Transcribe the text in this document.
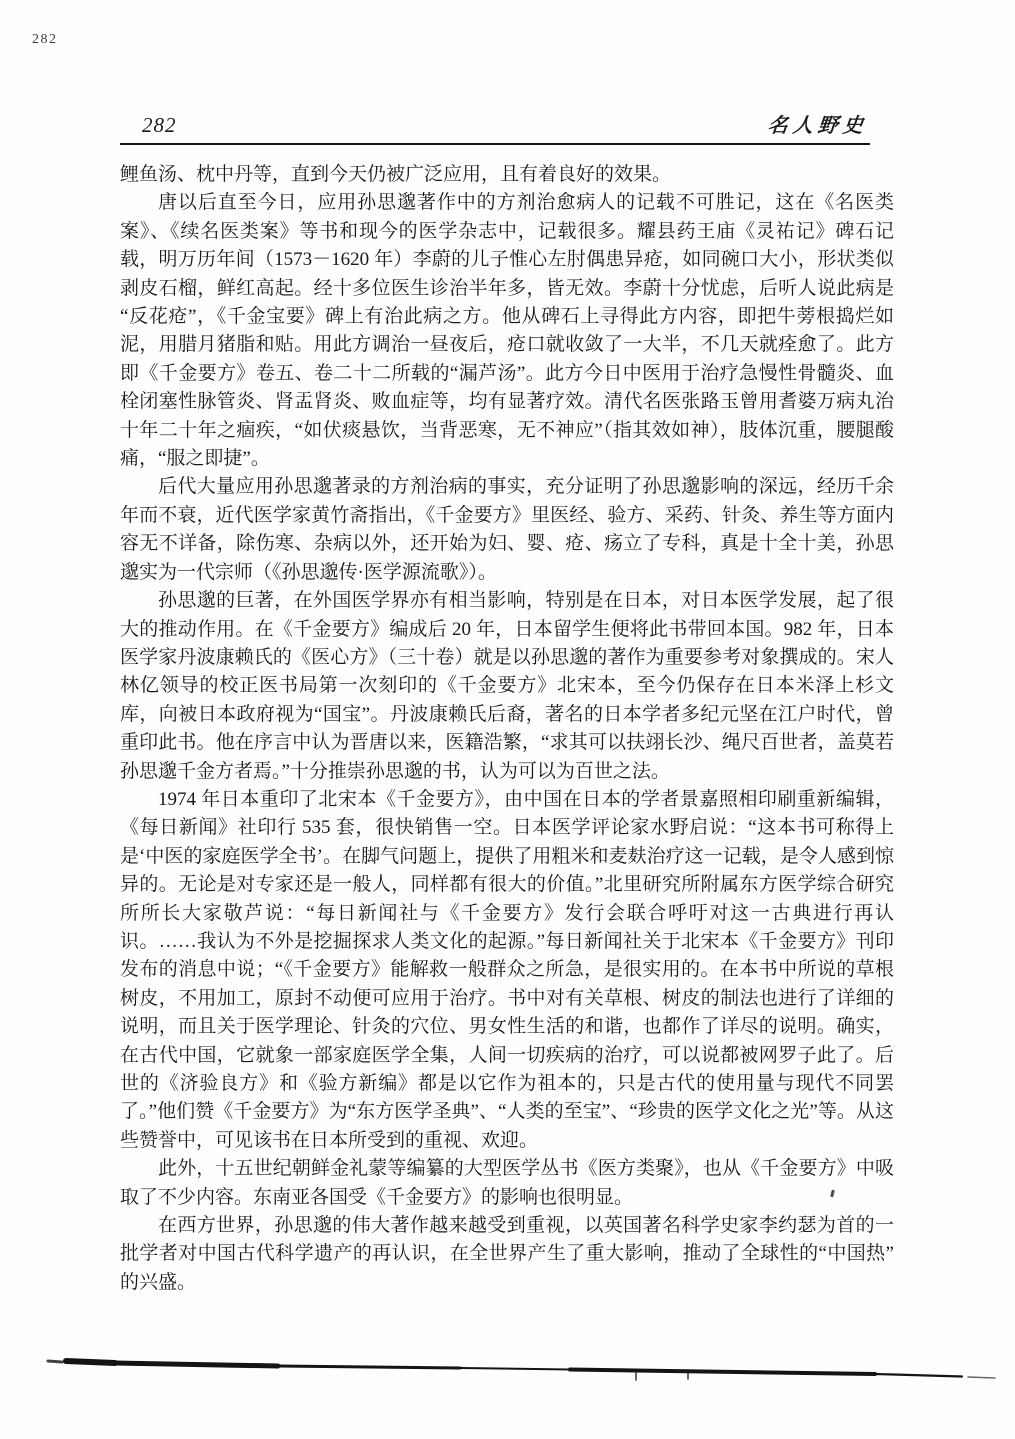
282
282	名人野史

鲤鱼汤、枕中丹等，直到今天仍被广泛应用，且有着良好的效果。

唐以后直至今日，应用孙思邈著作中的方剂治愈病人的记载不可胜记，这在《名医类案》、《续名医类案》等书和现今的医学杂志中，记载很多。耀县药王庙《灵祐记》碑石记载，明万历年间（1573－1620 年）李蔚的儿子惟心左肘偶患异疮，如同碗口大小，形状类似剥皮石榴，鲜红高起。经十多位医生诊治半年多，皆无效。李蔚十分忧虑，后听人说此病是“反花疮”，《千金宝要》碑上有治此病之方。他从碑石上寻得此方内容，即把牛蒡根捣烂如泥，用腊月猪脂和贴。用此方调治一昼夜后，疮口就收敛了一大半，不几天就痊愈了。此方即《千金要方》卷五、卷二十二所载的“漏芦汤”。此方今日中医用于治疗急慢性骨髓炎、血栓闭塞性脉管炎、肾盂肾炎、败血症等，均有显著疗效。清代名医张路玉曾用耆婆万病丸治十年二十年之痼疾，“如伏痰悬饮，当背恶寒，无不神应”（指其效如神），肢体沉重，腰腿酸痛，“服之即捷”。

后代大量应用孙思邈著录的方剂治病的事实，充分证明了孙思邈影响的深远，经历千余年而不衰，近代医学家黄竹斋指出，《千金要方》里医经、验方、采药、针灸、养生等方面内容无不详备，除伤寒、杂病以外，还开始为妇、婴、疮、疡立了专科，真是十全十美，孙思邈实为一代宗师（《孙思邈传·医学源流歌》）。

孙思邈的巨著，在外国医学界亦有相当影响，特别是在日本，对日本医学发展，起了很大的推动作用。在《千金要方》编成后 20 年，日本留学生便将此书带回本国。982 年，日本医学家丹波康赖氏的《医心方》（三十卷）就是以孙思邈的著作为重要参考对象撰成的。宋人林亿领导的校正医书局第一次刻印的《千金要方》北宋本，至今仍保存在日本米泽上杉文库，向被日本政府视为“国宝”。丹波康赖氏后裔，著名的日本学者多纪元坚在江户时代，曾重印此书。他在序言中认为晋唐以来，医籍浩繁，“求其可以扶翊长沙、绳尺百世者，盖莫若孙思邈千金方者焉。”十分推崇孙思邈的书，认为可以为百世之法。

1974 年日本重印了北宋本《千金要方》，由中国在日本的学者景嘉照相印刷重新编辑，《每日新闻》社印行 535 套，很快销售一空。日本医学评论家水野启说：“这本书可称得上是‘中医的家庭医学全书’。在脚气问题上，提供了用粗米和麦麸治疗这一记载，是令人感到惊异的。无论是对专家还是一般人，同样都有很大的价值。”北里研究所附属东方医学综合研究所所长大家敬芦说：“每日新闻社与《千金要方》发行会联合呼吁对这一古典进行再认识。……我认为不外是挖掘探求人类文化的起源。”每日新闻社关于北宋本《千金要方》刊印发布的消息中说；“《千金要方》能解救一般群众之所急，是很实用的。在本书中所说的草根树皮，不用加工，原封不动便可应用于治疗。书中对有关草根、树皮的制法也进行了详细的说明，而且关于医学理论、针灸的穴位、男女性生活的和谐，也都作了详尽的说明。确实，在古代中国，它就象一部家庭医学全集，人间一切疾病的治疗，可以说都被网罗子此了。后世的《济验良方》和《验方新编》都是以它作为祖本的，只是古代的使用量与现代不同罢了。”他们赞《千金要方》为“东方医学圣典”、“人类的至宝”、“珍贵的医学文化之光”等。从这些赞誉中，可见该书在日本所受到的重视、欢迎。

此外，十五世纪朝鲜金礼蒙等编纂的大型医学丛书《医方类聚》，也从《千金要方》中吸取了不少内容。东南亚各国受《千金要方》的影响也很明显。

在西方世界，孙思邈的伟大著作越来越受到重视，以英国著名科学史家李约瑟为首的一批学者对中国古代科学遗产的再认识，在全世界产生了重大影响，推动了全球性的“中国热”的兴盛。
